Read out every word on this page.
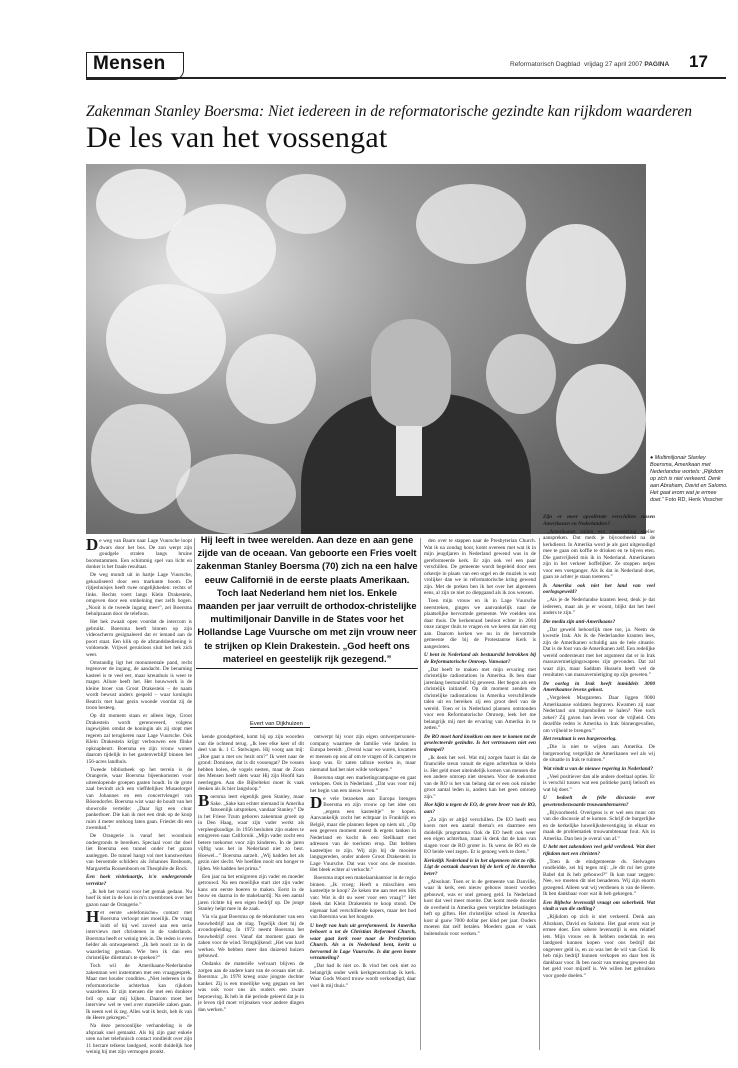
Mensen	Reformatorisch Dagblad vrijdag 27 april 2007 PAGINA 17
Zakenman Stanley Boersma: Niet iedereen in de reformatorische gezindte kan rijkdom waarderen
De les van het vossengat
● Multimiljonair Stanley Boersma, Amerikaan met Nederlandse wortels: „Rijkdom op zich is niet verkeerd. Denk aan Abraham, David en Salomo. Het gaat erom wat je ermee doet.” Foto RD, Henk Visscher

De weg van Baarn naar Lage Vuursche loopt dwars door het bos. De zon werpt zijn goudgele stralen langs bruine boomstammen. Een schimmig spel van licht en donker is het fraaie resultaat.

De weg mondt uit in hartje Lage Vuursche, gekoaliseerd door een markante boom. De rijtjeshuisjes heeft twee ongelijkheden: rechts of links. Rechts voert langs Klein Drakestein, omgeven door een omheining met zelfs bogen. „Nooit is de tweede ingang meer”, zei Boersma behulpzaam door de telefoon.

Het hek zwaait open voordat de intercom is gebruikt. Boersma heeft binnen op zijn videoscherm gesignaleerd dat er iemand aan de poort staat. Een klik op de afstandsbediening is voldoende. Vrijwel geruisloos sluit het hek zich weer.

Omstandig ligt het monumentale pand, recht tegenover de ingang, de aandacht. De benaming kasteel is te veel eer, maar kreunhuis is weer te mager. Allure heeft het. Het bouwwerk is de kleine broer van Groot Drakestein – de naam wordt bewust anders gespeld – waar koningin Beatrix met haar gezin woonde voordat zij de troon besteeg.

Op dit moment staan er alleen lege, Groot Drakestein wordt gerenoveerd, volgens ingewijden omdat de koningin als zij stopt met regeren zal terugkeren naar Lage Vuursche. Ook Klein Drakestein krijgt verbouwen een flinke opknapbeurt. Boersma en zijn vrouw wonen daarom tijdelijk in het gastenverblijf binnen het 156-acres landhuis.

Tweede bibliotheek op het terrein is de Orangerie, waar Boersma bijeenkomsten voor uiteenlopende groepen gasten houdt. In de grote zaal bevindt zich een vieffdelijkes Musaelorgel van Johannes en een concertvleugel van Bösendorfer. Boersma wist waar de houdt van het showrolle vertelde: „Daar ligt een cluur pankerboer. Die kan ik met een druk op de knop ruim 4 meter omhoog laten gaan. Frieslet dit een zwembad.”

De Orangerie is vanaf het woonhuis ondergronds te bereiken. Speciaal voor dat doel liet Boersma een tunnel onder het gazon aanleggen. De tunnel hangt vol met kunstwerken van beroemde schilders als Johannes Bosboom, Margaretha Rossenboom en Theophile de Bock.

Een hoek visitekaartje, is'n ondergeronde verrekte?

„Ik heb het vooral voor het gemak gedaan. Nu hoef ik niet in de kou in m'n zwembroek over het gazon naar de Orangerie.”

Het eerste «telefonische» contact met Boersma verloopt niet moeilijk. De vraag luidt of hij wel zoveel aan een serie interviews met christenen in de vaderlands. Boersma heeft er weinig trek in. De reden is even helder als ontwapenend: „Ik heb nooit zo in de waardering gestaan. Wie ben ik dan een christelijke dilemma's te spreken?”

Toch wil de Amerikaans-Nederlandse zakenman wel instemmen met een vraaggesprek. Maar met houder condities. „Niet iedereen in de reformatorische achterban kan rijkdom waarderen. Er zijn mensen die met een donkere bril op naar mij kijken. Daarom moet het interview wel te veel over materiële zaken gaan. Ik neem wel ik zeg. Alles wat ik bezit, heb ik van de Heere gekregen.”

Na deze persoonlijke verhandeling is de afspraak snel gemaakt. Als hij zijn gast enkele uren na het telefonisch contact rondleidt over zijn 11 hectare telkens landgoed, wordt duidelijk hoe weinig hij met zijn vermogen pronkt.

Hij leeft in twee werelden. Aan deze en aan gene zijde van de oceaan. Van geboorte een Fries voelt zakenman Stanley Boersma (70) zich na een halve eeuw Californië in de eerste plaats Amerikaan. Toch laat Nederland hem niet los. Enkele maanden per jaar verruilt de orthodox-christelijke multimiljonair Danville in de States voor het Hollandse Lage Vuursche om met zijn vrouw neer te strijken op Klein Drakestein. „God heeft ons materieel en geestelijk rijk gezegend.”
Evert van Dijkhuizen

kende grondgebied, komt hij op zijn woorden van die ochtend terug. „Ik lees elke keer of dit deel van ik. 1 C. Stelwagen. Hij voorg aan mij: „Hoe gaat u met uw bezit om?” Ik weet naar de grond: Dominee, dat is dit vossengat? De vossen hebben holen, de vogels nesten, maar de Zoon des Mensen heeft niets waar Hij zijn Hoofd kan neerleggen. Aan die Bijbeltekst moet ik vaak denken als ik hier langsloop.”

Boersma leert eigenlijk geen Stanley, maar Sake. „Sake kan echter niemand in Amerika fatsoenlijk uitspreken, vandaar Stanley.” De in het Friese Tzum geboren zakenman groeit op in Den Haag, waar zijn vader werkt als verpleegkundige. In 1956 besluiten zijn ouders te emigreren naar Californië. „Mijn vader zocht een betere toekomst voor zijn kinderen. In de jaren vijftig was het in Nederland niet zo best. Hoewel...” Boersma aarzelt. „Wij hadden het als gezin niet slecht. We hoefden nooit om honger te lijden. We hadden het prima.”

Een jaar na het emigreren zijn vader en moeder getrouwd. Na een moeilijke start ziet zijn vader kans om eerste boeren te maken. Eerst in de bouw en daarna in de makelaardij. Na een aantal jaren richtte hij een eigen bedrijf op. De jonge Stanley helpt mee in de zaak.

Via via gaat Boersma op de tekenlumer van een bouwbedrijf aan de slag. Tegelijk doet hij de avondopleiding. In 1972 neemt Boersma het bouwbedrijf over. Vanaf dat moment gaan de zaken voor de wind. Terugkijkend: „Het was hard werken. We hebben meer dan duizend huizen gebouwd.

Ondanks de materiële welvaart blijven de zorgen aan de andere kant van de oceaan niet uit. Boersma: „In 1978 kreeg onze jongste dochter kanker. Zij is een moeilijke weg gegaan en het was ook voor ons als ouders een zware beproeving. Ik heb in die periode geleerd dat je in je leven tijd moet vrijmaken voor andere dingen dan werken.”

ontwerpt hij voor zijn eigen ontwerpersonen-company waarmee de familie vele landen in Europa bereidt. „Overal waar we waren, kwamen er mensen op ons af om te vragen of ik campen te koop was. Er zaten talloze werken in, maar niemand had het niet wilde verkopen.”

Boersma stapt een marketingcampagne en gaat verkopen. Ook in Nederland. „Dat was voor mij het begin van een nieuw leven.”

De vele bezoeken aan Europa brengen Boersma en zijn vrouw op het idee om ,,ergens een kasteeltje” te kopen. Aanvankelijk zocht het echtpaar in Frankrijk en België, maar die plannen liepen op niets uit. „Op een gegeven moment moest ik ergens tanken in Nederland en kocht ik een Stellkaart met adressen van de toeristen erop. Dat hebben kasteeltjes te zijn. Wij zijn bij de mooiste langsgereden, onder andere Groot Drakestein in Lage Vuursche. Dat was voor ons de mooiste. Het bleek echter al verkocht.”

Boersma stapt een makelaarskantoor in de regio binnen. „Ik vroeg: Heeft u misschien een kasteeltje te koop? Ze keken me aan met een blik van: Wat is dit nu weer voor een vraag?” Het bleek dat Klein Drakestein te koop stond. De eigenaar had verschillende kopers, maar het bod van Boersma was het hoogste.

U heeft van huis uit gereformeerd. In Amerika behoort u tot de Christian Reformed Church, waar gaat kerk voor naar de Presbyterian Church. Als u in Nederland bent, kerkt u hervormd in Lage Vuursche. Is dat geen bonte verzameling?

„Dat had ik niet zo. Ik vind het ook niet zo belangrijk onder welk kerkgenootschap ik kerk. Waar Gods Woord trouw wordt verkondigd, daar voel ik mij thuis.”

den over te stappen naar de Presbyterian Church. Wat ik na zondag hoor, komt overeen met wat ik in mijn jeugdjaren in Nederland gewend was in de gereformeerde kerk. Er zijn ook vel een paar verschillen. De gemeente wordt begeleid door een orkestje in plaats van een orgel en de muziek is wat vrolijker dan we in reformatorische kring gewend zijn. Met de preken ben ik het over het algemeen eens, al zijn ze niet zo diepgaand als ik zou wensen.

Toen mijn vrouw en ik in Lage Vuursche neerstreken, gingen we aanvankelijk naar de plaatselijke hervormde gemeente. We voelden ons daar thuis. De kerkenraad besloot echter in 2004 onze zanger thuis te vragen en we keren dat niet erg aan. Daarom kerken we nu in de hervormde gemeente die bij de Protestantse Kerk is aangesloten.

U bent in Nederland als bestuurslid betrokken bij de Reformatorische Omroep. Vanwaar?

„Dat heeft te maken met mijn ervaring met christelijke radiostations in Amerika. Ik ben daar jarenlang bestuurslid bij geweest. Het begon als een christelijk initiatief. Op dit moment zenden de christelijke radiostations in Amerika verschillende talen uit en bereiken zij een groot deel van de wereld. Toen er in Nederland plannen ontstonden voor een Reformatorische Omroep, leek het me belangrijk mij met de ervaring van Amerika in te zetten.”

De RO moet hard knokken om mee te komen tot de geselecteerde gezindte. Is het vertrouwen niet een drempel?

„Ik denk het wel. Wat mij zorgen baart is dat de financiële steun vanuit de eigen achterban te klein is. Het geld moet uiteindelijk komen van mensen die een andere omroep niet steunen. Voor de toekomst van de RO is het van belang dat er een ook minder groot aantal leden is, anders kan het geen omroep zijn.”

Hoe kijkt u tegen de EO, de grote broer van de RO, aan?

„Zo zijn er altijd verschillen. De EO heeft een koers met een aantal thema's en daarmee een duidelijk programma. Ook de EO heeft ook weer een eigen achterban, maar ik denk dat de kans van slagen voor de RO groter is. Ik wens de RO en de EO beide veel zegen. Er is genoeg werk te doen.”

Kerkelijk Nederland is in het algemeen niet zo rijk. Ligt de oorzaak daarvan bij de kerk of in Amerika beter?

„Absoluut. Toen er in de gemeente van Danville, waar ik kerk, een nieuw gebouw moest worden gebouwd, was er snel genoeg geld. In Nederland kost dat veel meer moeite. Dat komt mede doordat de overheid in Amerika geen verplichte belastingen heft op giften. Het christelijke school in Amerika kost al gauw 7000 dollar per kind per jaar. Ouders moeten dat zelf betalen. Moeders gaan er vaak buitenshuis voor werken.”

Zijn er meer opvallende verschillen tussen Amerikanen en Nederlanders?

„Amerikanen zullen een vreemdeling sneller aanspreken. Dat merk je bijvoorbeeld na de kerkdienst. In Amerika word je als gast uitgenodigd mee te gaan om koffie te drinken en te bijven eten. Die gastvrijheid mis ik in Nederland. Amerikanen zijn in het verkeer hoffelijker. Ze stoppen netjes voor een voetganger. Als ik dat in Nederland doet, gaan ze achter je staan toeteren.”

Is Amerika ook niet het land van veel oorlogsgeweld?

„Als je de Nederlandse kranten leest, denk je dat iedereen, maar als je er woont, blijkt dat het heel anders te zijn.”

Die media zijn anti-Amerikaans?

„Dat geweld behoorlijk mee toe, ja. Neem de kwestie Irak. Als ik de Nederlandse kranten lees, zijn de Amerikanen schuldig aan de hele situatie. Dat is de fout van de Amerikanen zelf. Een redelijke wereld ondersteunt met het argument dat er in Irak massavernietigingswapens zijn gevonden. Dat zal waar zijn, maar Saddam Hussein heeft wel de resultaten van massavernietiging op zijn geweten.”

De oorlog in Irak heeft inmiddels 3000 Amerikaanse levens gekost.

„Vergeleek Margareten. Daar liggen 9000 Amerikaanse soldaten begraven. Kwamen zij naar Nederland om tulpenbollen te halen? Nee toch zeker? Zij gaven hun leven voor de vrijheid. Om dezelfde reden is Amerika in Irak binnengevallen, om vrijheid te brengen.”

Het resultaat is een burgeroorlog.

„Die is niet te wijten aan Amerika. De burgeroorlog vergelijkt de Amerikanen wel als wij de situatie in Irak te ruimen.”

Wat vindt u van de nieuwe regering in Nederland?

„Veel positiever dan alle andere doeltaal opties. Er is verschil tussen wat een politieke partij belooft en wat hij doet.”

U bedoelt de felle discussie over gewetensbezwaarde trouwambtenaren?

„Bijvoorbeeld. Overigens is er wel een muur om van die discussie af te komen. Schrijf de burgerlijke en de kerkelijke huwelijksbevestiging in elkaar en maak de problematiek trouwambtenaar fout. Als in Amerika. Dan ben je overal van af.”

U hebt met zakendoen veel geld verdiend. Wat doet rijkdom met een christen?

„Toen ik de eindgemeente ds. Stelwagen rondleidde, zei hij tegen mij: „Je dit rui het grote Babel dat ik heb gebouwd?” Ik kan naar zeggen: Nee, we moeten dit niet benaderen. Wij zijn enorm gezegend. Alleen wat wij verdienen is van de Heere. Ik ben dankbaar voor wat ik heb gekregen.”

Een Bijbelse levensstijl vraagt om soberheid. Wat vindt u van die stelling?

„Rijkdom op zich is niet verkeerd. Denk aan Abraham, David en Salomo. Het gaat erom wat je ermee doet. Een sobere levensstijl is een relatief iets. Mijn vrouw en ik hebben onderdak in een landgoed kunnen kopen voor ons bedrijf dat ongeveer geld is, en zo was het de wil van God. Ik heb mijn bedrijf kunnen verkopen en daar ben ik dankbaar voor. Ik ben nooit van mening geweest dat het geld voor mijzelf is. We willen het gebruiken voor goede doelen.”
